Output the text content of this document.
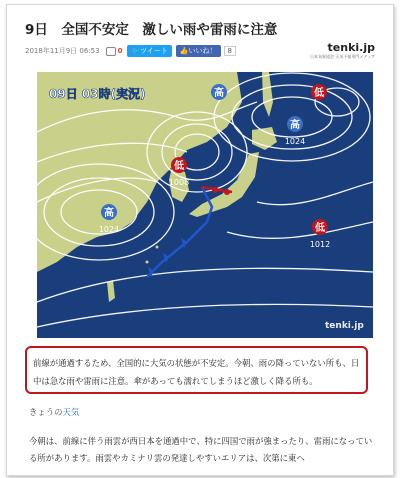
9日　全国不安定　激しい雨や雷雨に注意
2018年11月9日 06:53	0 🐦 ツイート 👍 いいね！	8	tenki.jp
日本気象協会 天気予報専門メディア
高	低
高
1024
低
1008
高
1024	低
1012
09日 03時(実況)
tenki.jp
前線が通過するため、全国的に大気の状態が不安定。今朝、雨の降っていない所も、日中は急な雨や雷雨に注意。傘があっても濡れてしまうほど激しく降る所も。
きょうの天気
今朝は、前線に伴う雨雲が西日本を通過中で、特に四国で雨が強まったり、雷雨になっている所があります。雨雲やカミナリ雲の発達しやすいエリアは、次第に東へ
